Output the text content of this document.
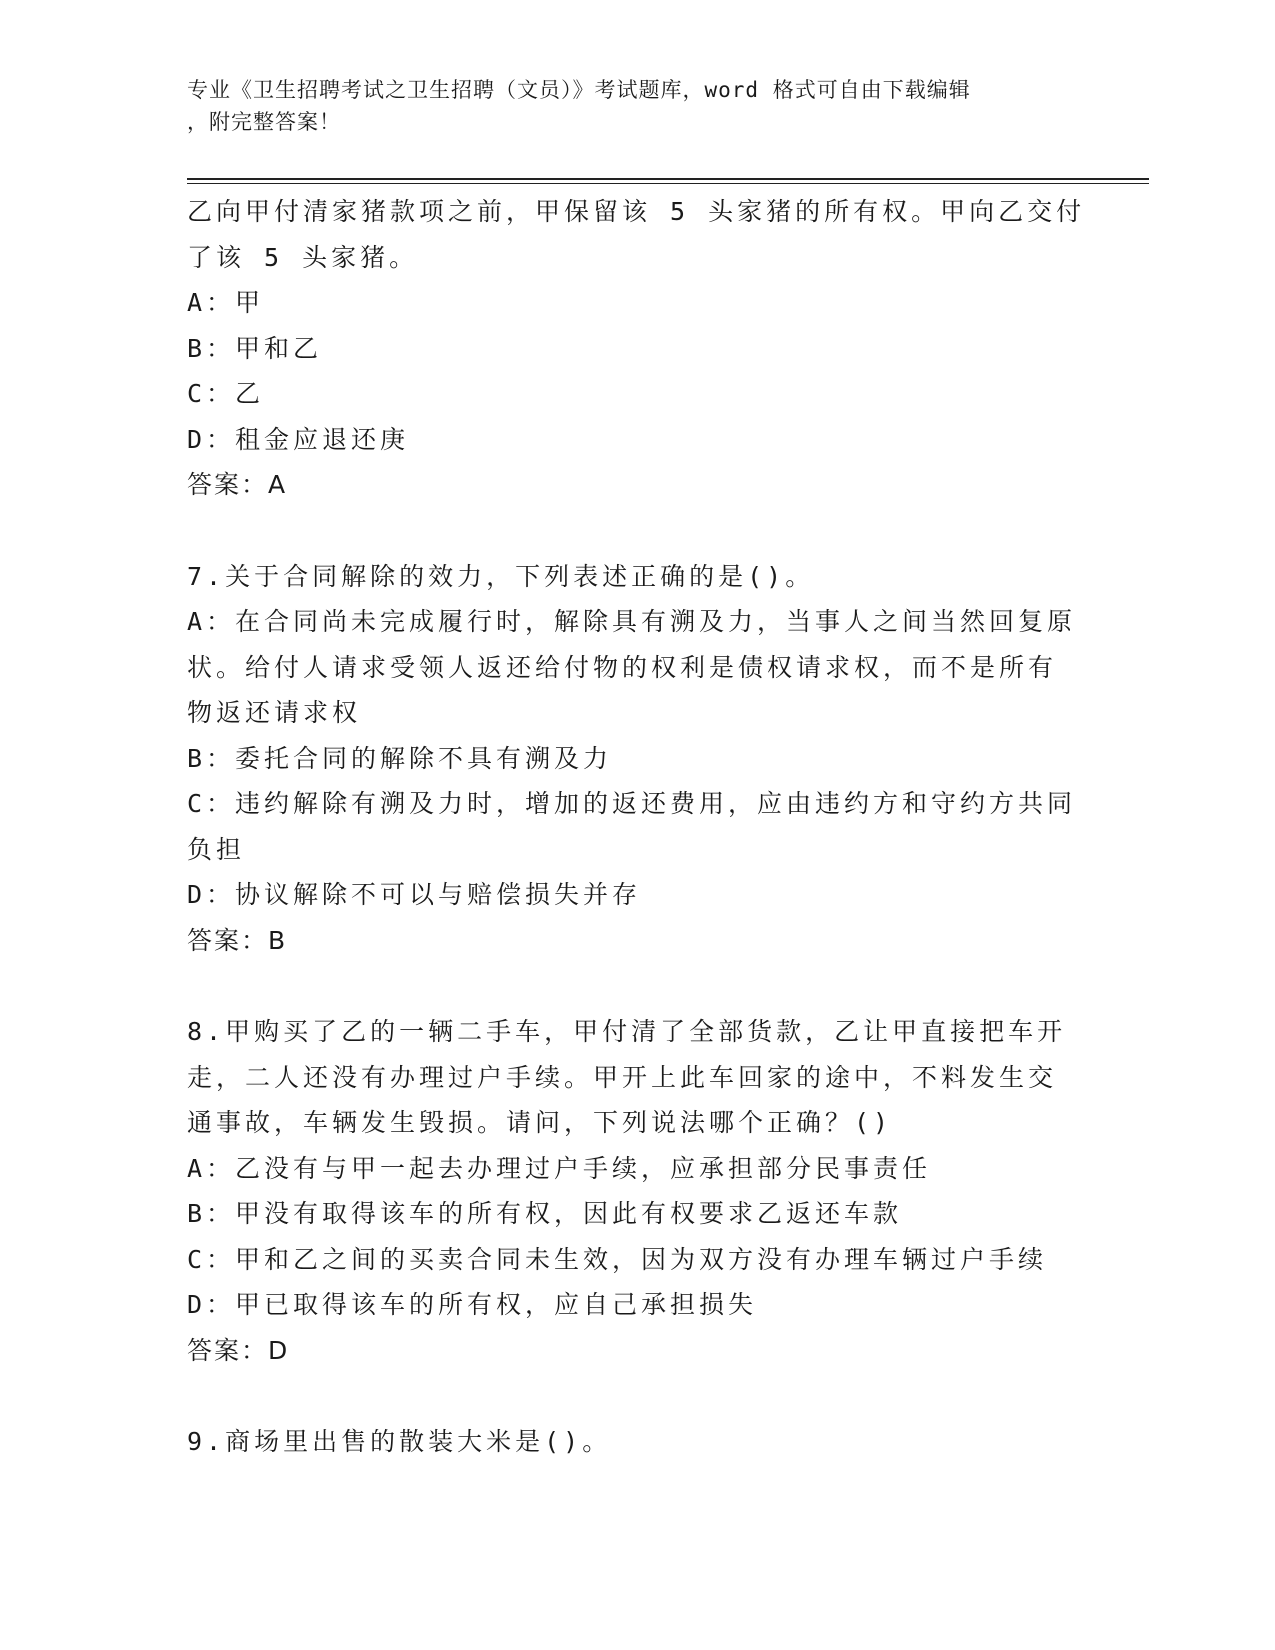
专业《卫生招聘考试之卫生招聘（文员）》考试题库，word 格式可自由下载编辑
，附完整答案！
乙向甲付清家猪款项之前，甲保留该 5 头家猪的所有权。甲向乙交付
了该 5 头家猪。
A：甲
B：甲和乙
C：乙
D：租金应退还庚
答案：A
7.关于合同解除的效力，下列表述正确的是()。
A：在合同尚未完成履行时，解除具有溯及力，当事人之间当然回复原
状。给付人请求受领人返还给付物的权利是债权请求权，而不是所有
物返还请求权
B：委托合同的解除不具有溯及力
C：违约解除有溯及力时，增加的返还费用，应由违约方和守约方共同
负担
D：协议解除不可以与赔偿损失并存
答案：B
8.甲购买了乙的一辆二手车，甲付清了全部货款，乙让甲直接把车开
走，二人还没有办理过户手续。甲开上此车回家的途中，不料发生交
通事故，车辆发生毁损。请问，下列说法哪个正确？()
A：乙没有与甲一起去办理过户手续，应承担部分民事责任
B：甲没有取得该车的所有权，因此有权要求乙返还车款
C：甲和乙之间的买卖合同未生效，因为双方没有办理车辆过户手续
D：甲已取得该车的所有权，应自己承担损失
答案：D
9.商场里出售的散装大米是()。
